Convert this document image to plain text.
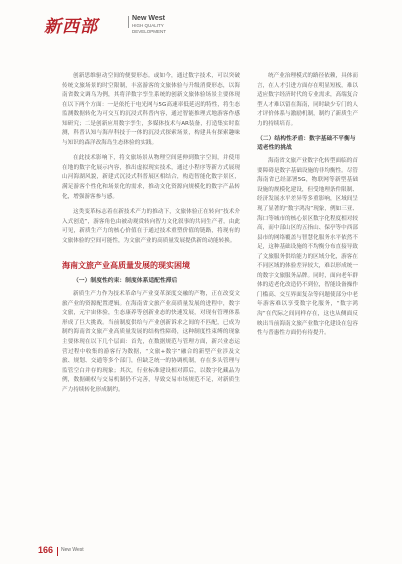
新西部	New West
HIGH QUALITY DEVELOPMENT

创新思维驱动空间的便要形态。或如今，通过数字技术，可以突破传统文旅场景的时空限制，丰富游客的文旅体验与升级消费形态，以海南省数文调乌为例，其将洋数字孪生系统的创新文旅体验场景主要体现在以下两个方面：一是依托于电光网与5G高速率低延迟的特性，将生态监测数据转化为可交互的沉浸式科普内容，通过智能推理式地游客作感知研究；二是创新应用数字孪生，多媒体技术与AR装备，打造集实时监测，科普认知与海岸科技于一体的沉浸式探索场景，构建具有探索趣味与知识的森洋改海岛生态体验的实践。

在此技术影响下，将文旅场景从物理空间延伸到数字空间，并使用在地的数字化展示内容，推出虚拟现实技术，通过小程序等新方式展现山河海湖风貌，新建式沉浸式科普展区相结合，构造智能化数字景区，满足游客个性化和场景化的需求，推动文化资源向规模化的数字产品转化，增强游客参与感。

这类变革标志着在新技术产力的推动下，文旅体验正在转向“技术介入式创造”，游客角色由被动观赏转向智力文化叙事的共同生产者，由此可见，新质生产力的核心价值在于通过技术重塑价值的链路，将现有的文旅体验的空间可能性，为文旅产业的高质量发展提供新的动能转换。

海南文旅产业高质量发展的现实困境
（一）制度性约束：制度体系适配性滞后

新质生产力作为技术革命与产业变革深度交融的产物，正在改变文旅产业的资源配置逻辑。在海南省文旅产业高质量发展的进程中，数字文旅，元宇宙体验，生态康养等创新业态的快速发展，对现有管理体系形成了巨大挑战。当前制度供给与产业创新诉求之间的不匹配，已成为制约海南省文旅产业高质量发展的结构性障碍，这种制度性束缚的现象主要体现在以下几个层面：首先，在数据规范与管理方面，新兴业态运营过程中收集的游客行为数据，“文旅+数字”融合的新型产业涉及文旅、规划、交通等多个部门，但缺乏统一的协调机制，存在多头管理与监管空白并存的现象；其次，行业标准建设相对滞后，以数字化藏品为例，数据确权与交易机制仍不完善，导致交易市场规范不足，对新质生产力持续转化形成制约。

统产业治理模式的路径依赖，具体而言，在人才引进方面存在明显短板，难以适应数字经济时代的专业需求，高端复合型人才难以留在海南，同时缺少专门的人才评价体系与激励机制，制约了新质生产力的持续培育。

（二）结构性矛盾：数字基础不平衡与适老性的挑战

海南省文旅产业数字化转型面临的首要障碍是数字基础设施的非均衡性。尽管海南省已经部署5G，物联网等新型基础设施的规模化建设，但受地理条件限制、经济发展水平差异等多重影响，区域间呈现了显著的“数字鸿沟”现象，例如三亚、海口等城市的核心景区数字化程度相对较高，而中部山区的五指山、保亭等中西部县市的网络覆盖与智慧化服务水平依然不足，这种基础设施的不均衡分布直接导致了文旅服务供给能力的区域分化，游客在不同区域的体验差异较大，难以形成统一的数字文旅服务品牌。同时，面向老年群体的适老化改造仍不到位，智能设备操作门槛高、交互界面复杂等问题使部分中老年游客难以享受数字化服务，“数字鸿沟”在代际之间同样存在，这也从侧面反映出当前海南文旅产业数字化建设在包容性与普惠性方面仍有待提升。

166 New West
